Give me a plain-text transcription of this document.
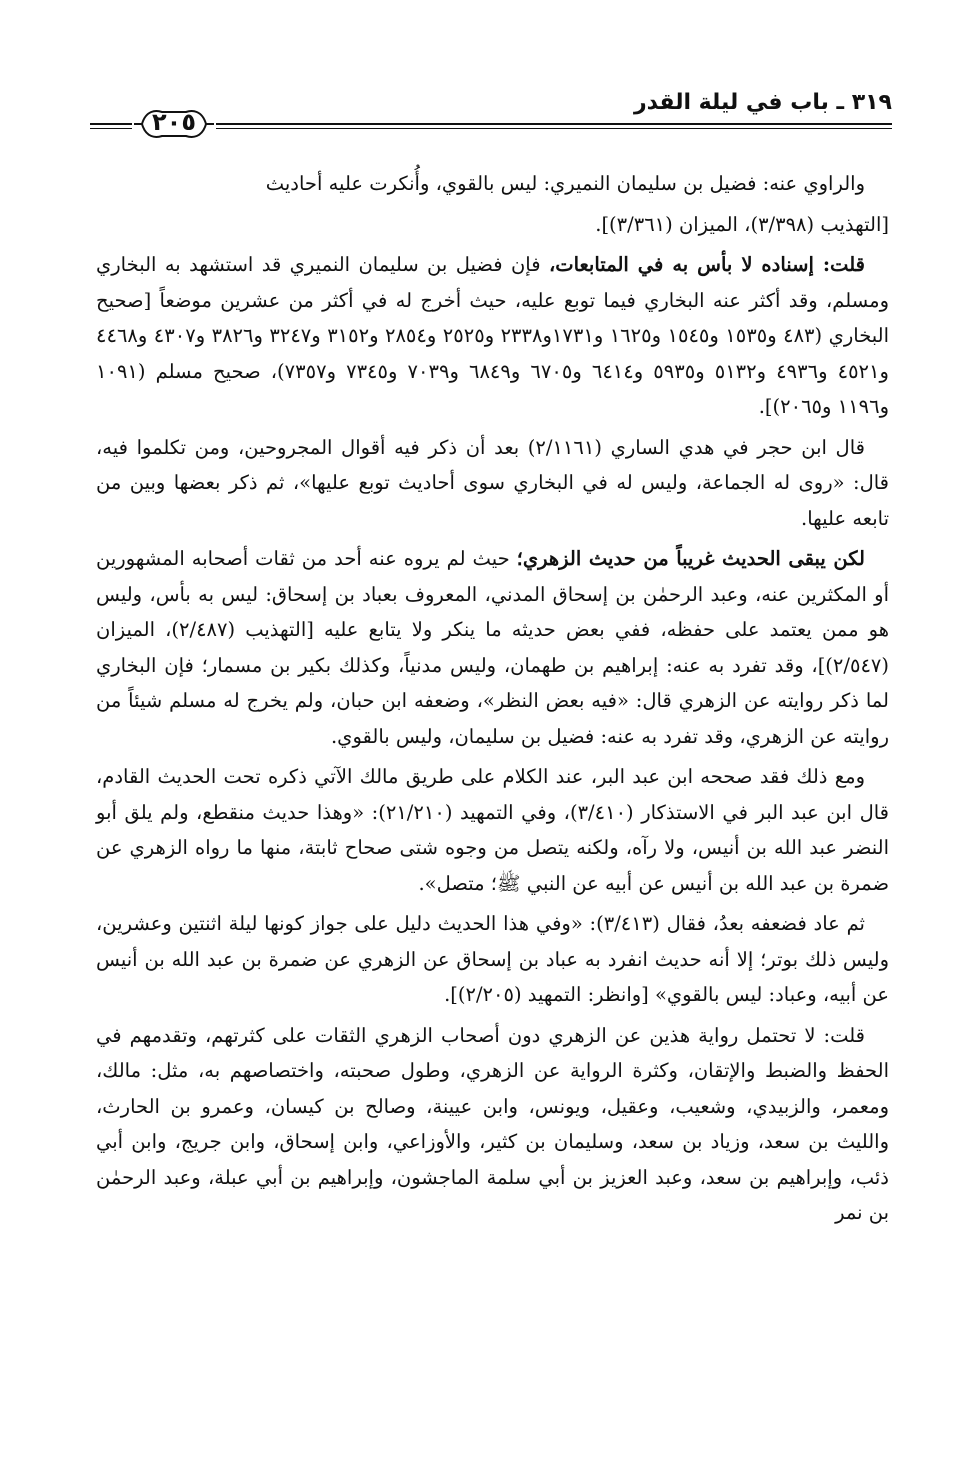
٣١٩ ـ باب في ليلة القدر
٢٠٥

والراوي عنه: فضيل بن سليمان النميري: ليس بالقوي، وأُنكرت عليه أحاديث

[التهذيب (٣/٣٩٨)، الميزان (٣/٣٦١)].

قلت: إسناده لا بأس به في المتابعات، فإن فضيل بن سليمان النميري قد استشهد به البخاري ومسلم، وقد أكثر عنه البخاري فيما توبع عليه، حيث أخرج له في أكثر من عشرين موضعاً [صحيح البخاري (٤٨٣ و١٥٣٥ و١٥٤٥ و١٦٢٥ و١٧٣١و٢٣٣٨ و٢٥٢٥ و٢٨٥٤ و٣١٥٢ و٣٢٤٧ و٣٨٢٦ و٤٣٠٧ و٤٤٦٨ و٤٥٢١ و٤٩٣٦ و٥١٣٢ و٥٩٣٥ و٦٤١٤ و٦٧٠٥ و٦٨٤٩ و٧٠٣٩ و٧٣٤٥ و٧٣٥٧)، صحيح مسلم (١٠٩١ و١١٩٦ و٢٠٦٥)].

قال ابن حجر في هدي الساري (٢/١١٦١) بعد أن ذكر فيه أقوال المجروحين، ومن تكلموا فيه، قال: «روى له الجماعة، وليس له في البخاري سوى أحاديث توبع عليها»، ثم ذكر بعضها وبين من تابعه عليها.

لكن يبقى الحديث غريباً من حديث الزهري؛ حيث لم يروه عنه أحد من ثقات أصحابه المشهورين أو المكثرين عنه، وعبد الرحمٰن بن إسحاق المدني، المعروف بعباد بن إسحاق: ليس به بأس، وليس هو ممن يعتمد على حفظه، ففي بعض حديثه ما ينكر ولا يتابع عليه [التهذيب (٢/٤٨٧)، الميزان (٢/٥٤٧)]، وقد تفرد به عنه: إبراهيم بن طهمان، وليس مدنياً، وكذلك بكير بن مسمار؛ فإن البخاري لما ذكر روايته عن الزهري قال: «فيه بعض النظر»، وضعفه ابن حبان، ولم يخرج له مسلم شيئاً من روايته عن الزهري، وقد تفرد به عنه: فضيل بن سليمان، وليس بالقوي.

ومع ذلك فقد صححه ابن عبد البر، عند الكلام على طريق مالك الآتي ذكره تحت الحديث القادم، قال ابن عبد البر في الاستذكار (٣/٤١٠)، وفي التمهيد (٢١/٢١٠): «وهذا حديث منقطع، ولم يلق أبو النضر عبد الله بن أنيس، ولا رآه، ولكنه يتصل من وجوه شتى صحاح ثابتة، منها ما رواه الزهري عن ضمرة بن عبد الله بن أنيس عن أبيه عن النبي ﷺ؛ متصل».

ثم عاد فضعفه بعدُ، فقال (٣/٤١٣): «وفي هذا الحديث دليل على جواز كونها ليلة اثنتين وعشرين، وليس ذلك بوتر؛ إلا أنه حديث انفرد به عباد بن إسحاق عن الزهري عن ضمرة بن عبد الله بن أنيس عن أبيه، وعباد: ليس بالقوي» [وانظر: التمهيد (٢/٢٠٥)].

قلت: لا تحتمل رواية هذين عن الزهري دون أصحاب الزهري الثقات على كثرتهم، وتقدمهم في الحفظ والضبط والإتقان، وكثرة الرواية عن الزهري، وطول صحبته، واختصاصهم به، مثل: مالك، ومعمر، والزبيدي، وشعيب، وعقيل، ويونس، وابن عيينة، وصالح بن كيسان، وعمرو بن الحارث، والليث بن سعد، وزياد بن سعد، وسليمان بن كثير، والأوزاعي، وابن إسحاق، وابن جريج، وابن أبي ذئب، وإبراهيم بن سعد، وعبد العزيز بن أبي سلمة الماجشون، وإبراهيم بن أبي عبلة، وعبد الرحمٰن بن نمر
